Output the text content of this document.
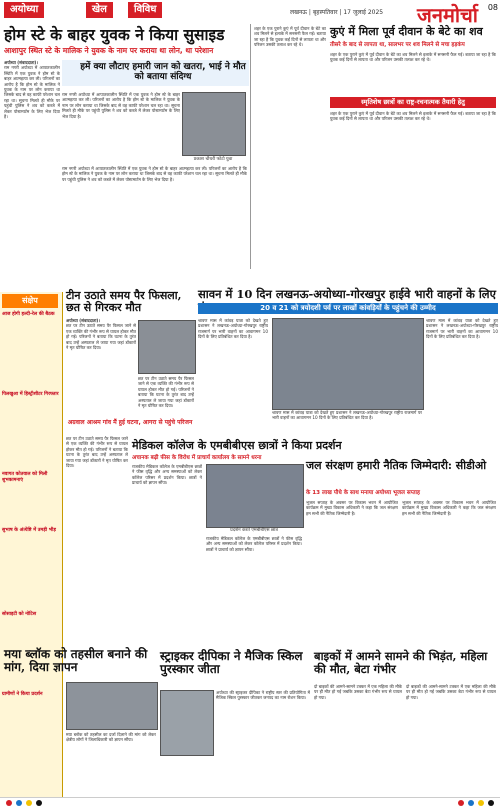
अयोध्या	खेल	विविध	लखनऊ | बृहस्पतिवार | 17 जुलाई 2025 जनमोर्चा 08
होम स्टे के बाहर युवक ने किया सुसाइड
आशापुर स्थित स्टे के मालिक ने युवक के नाम पर कराया था लोन, था परेशान
हमें क्या लौटाए हमारी जान को खतरा, भाई ने मौत को बताया संदिग्ध
प्रकाश चौधरी फोटो युवा
अयोध्या (संवाददाता)।
राम नगरी अयोध्या में आपातकालीन स्थिति में एक युवक ने होम स्टे के बाहर आत्महत्या कर ली। परिजनों का आरोप है कि होम स्टे के मालिक ने युवक के नाम पर लोन कराया था जिसके बाद से वह काफी परेशान चल रहा था। सूचना मिलते ही मौके पर पहुंची पुलिस ने शव को कब्जे में लेकर पोस्टमार्टम के लिए भेज दिया है।
राम नगरी अयोध्या में आपातकालीन स्थिति में एक युवक ने होम स्टे के बाहर आत्महत्या कर ली। परिजनों का आरोप है कि होम स्टे के मालिक ने युवक के नाम पर लोन कराया था जिसके बाद से वह काफी परेशान चल रहा था। सूचना मिलते ही मौके पर पहुंची पुलिस ने शव को कब्जे में लेकर पोस्टमार्टम के लिए भेज दिया है।
राम नगरी अयोध्या में आपातकालीन स्थिति में एक युवक ने होम स्टे के बाहर आत्महत्या कर ली। परिजनों का आरोप है कि होम स्टे के मालिक ने युवक के नाम पर लोन कराया था जिसके बाद से वह काफी परेशान चल रहा था। सूचना मिलते ही मौके पर पहुंची पुलिस ने शव को कब्जे में लेकर पोस्टमार्टम के लिए भेज दिया है।
शहर के एक पुराने कुएं में पूर्व दीवान के बेटे का शव मिलने से इलाके में सनसनी फैल गई। बताया जा रहा है कि युवक कई दिनों से लापता था और परिजन उसकी तलाश कर रहे थे।
कुएं में मिला पूर्व दीवान के बेटे का शव
तीसरे के बाद से लापता था, सालभर पर शव मिलने से मचा हड़कंप
शहर के एक पुराने कुएं में पूर्व दीवान के बेटे का शव मिलने से इलाके में सनसनी फैल गई। बताया जा रहा है कि युवक कई दिनों से लापता था और परिजन उसकी तलाश कर रहे थे।
स्मृतिशेष छात्रों का राष्ट्र-रचनात्मक तैयारी हेतु
शहर के एक पुराने कुएं में पूर्व दीवान के बेटे का शव मिलने से इलाके में सनसनी फैल गई। बताया जा रहा है कि युवक कई दिनों से लापता था और परिजन उसकी तलाश कर रहे थे।
संक्षेप
आज होगी हल्दी-रेल की बैठक
पिलखुआ में हिस्ट्रीशीटर गिरफ्तार
नवागत कोतवाल को मिली शुभकामनाएं
सुभाष के अंत्येष्टि में उमड़ी भीड़
सोसाइटी को नोटिस
ग्रामीणों ने किया प्रदर्शन
टीन उठाते समय पैर फिसला, छत से गिरकर मौत
अयोध्या (संवाददाता)।
छत पर टीन उठाते समय पैर फिसल जाने से एक व्यक्ति की गंभीर रूप से घायल होकर मौत हो गई। परिजनों ने बताया कि घटना के तुरंत बाद उन्हें अस्पताल ले जाया गया जहां डॉक्टरों ने मृत घोषित कर दिया।
अग्रवाल आश्रम गांव मैं हुई घटना, आगरा से पहुंचे परिजन
छत पर टीन उठाते समय पैर फिसल जाने से एक व्यक्ति की गंभीर रूप से घायल होकर मौत हो गई। परिजनों ने बताया कि घटना के तुरंत बाद उन्हें अस्पताल ले जाया गया जहां डॉक्टरों ने मृत घोषित कर दिया।
सावन में 10 दिन लखनऊ-अयोध्या-गोरखपुर हाईवे भारी वाहनों के लिए
20 व 21 को त्रयोदशी पर्व पर लाखों कांवड़ियों के पहुंचने की उम्मीद
श्रावण मास में कांवड़ यात्रा को देखते हुए प्रशासन ने लखनऊ-अयोध्या-गोरखपुर राष्ट्रीय राजमार्ग पर भारी वाहनों का आवागमन 10 दिनों के लिए प्रतिबंधित कर दिया है।
श्रावण मास में कांवड़ यात्रा को देखते हुए प्रशासन ने लखनऊ-अयोध्या-गोरखपुर राष्ट्रीय राजमार्ग पर भारी वाहनों का आवागमन 10 दिनों के लिए प्रतिबंधित कर दिया है।
श्रावण मास में कांवड़ यात्रा को देखते हुए प्रशासन ने लखनऊ-अयोध्या-गोरखपुर राष्ट्रीय राजमार्ग पर भारी वाहनों का आवागमन 10 दिनों के लिए प्रतिबंधित कर दिया है।
मेडिकल कॉलेज के एमबीबीएस छात्रों ने किया प्रदर्शन
अचानक बढ़ी फीस के विरोध में प्राचार्य कार्यालय के सामने धरना
राजकीय मेडिकल कॉलेज के एमबीबीएस छात्रों ने फीस वृद्धि और अन्य समस्याओं को लेकर कॉलेज परिसर में प्रदर्शन किया। छात्रों ने प्राचार्य को ज्ञापन सौंपा।
प्रदर्शन करते एमबीबीएस छात्र
राजकीय मेडिकल कॉलेज के एमबीबीएस छात्रों ने फीस वृद्धि और अन्य समस्याओं को लेकर कॉलेज परिसर में प्रदर्शन किया। छात्रों ने प्राचार्य को ज्ञापन सौंपा।
छत पर टीन उठाते समय पैर फिसल जाने से एक व्यक्ति की गंभीर रूप से घायल होकर मौत हो गई। परिजनों ने बताया कि घटना के तुरंत बाद उन्हें अस्पताल ले जाया गया जहां डॉक्टरों ने मृत घोषित कर दिया।	जल संरक्षण हमारी नैतिक जिम्मेदारी: सीडीओ
के 13 लाख पौधे के साथ मनाया अयोध्या भूजल सप्ताह
भूजल सप्ताह के अवसर पर विकास भवन में आयोजित कार्यक्रम में मुख्य विकास अधिकारी ने कहा कि जल संरक्षण हम सभी की नैतिक जिम्मेदारी है।
भूजल सप्ताह के अवसर पर विकास भवन में आयोजित कार्यक्रम में मुख्य विकास अधिकारी ने कहा कि जल संरक्षण हम सभी की नैतिक जिम्मेदारी है।
मया ब्लॉक को तहसील बनाने की मांग, दिया ज्ञापन
मया ब्लॉक को तहसील का दर्जा दिलाने की मांग को लेकर क्षेत्रीय लोगों ने जिलाधिकारी को ज्ञापन सौंपा।
स्ट्राइकर दीपिका ने मैजिक स्किल पुरस्कार जीता
अयोध्या की स्ट्राइकर दीपिका ने राष्ट्रीय स्तर की प्रतियोगिता में मैजिक स्किल पुरस्कार जीतकर जनपद का नाम रोशन किया।
बाइकों में आमने सामने की भिड़ंत, महिला की मौत, बेटा गंभीर
दो बाइकों की आमने-सामने टक्कर में एक महिला की मौके पर ही मौत हो गई जबकि उसका बेटा गंभीर रूप से घायल हो गया।
दो बाइकों की आमने-सामने टक्कर में एक महिला की मौके पर ही मौत हो गई जबकि उसका बेटा गंभीर रूप से घायल हो गया।
